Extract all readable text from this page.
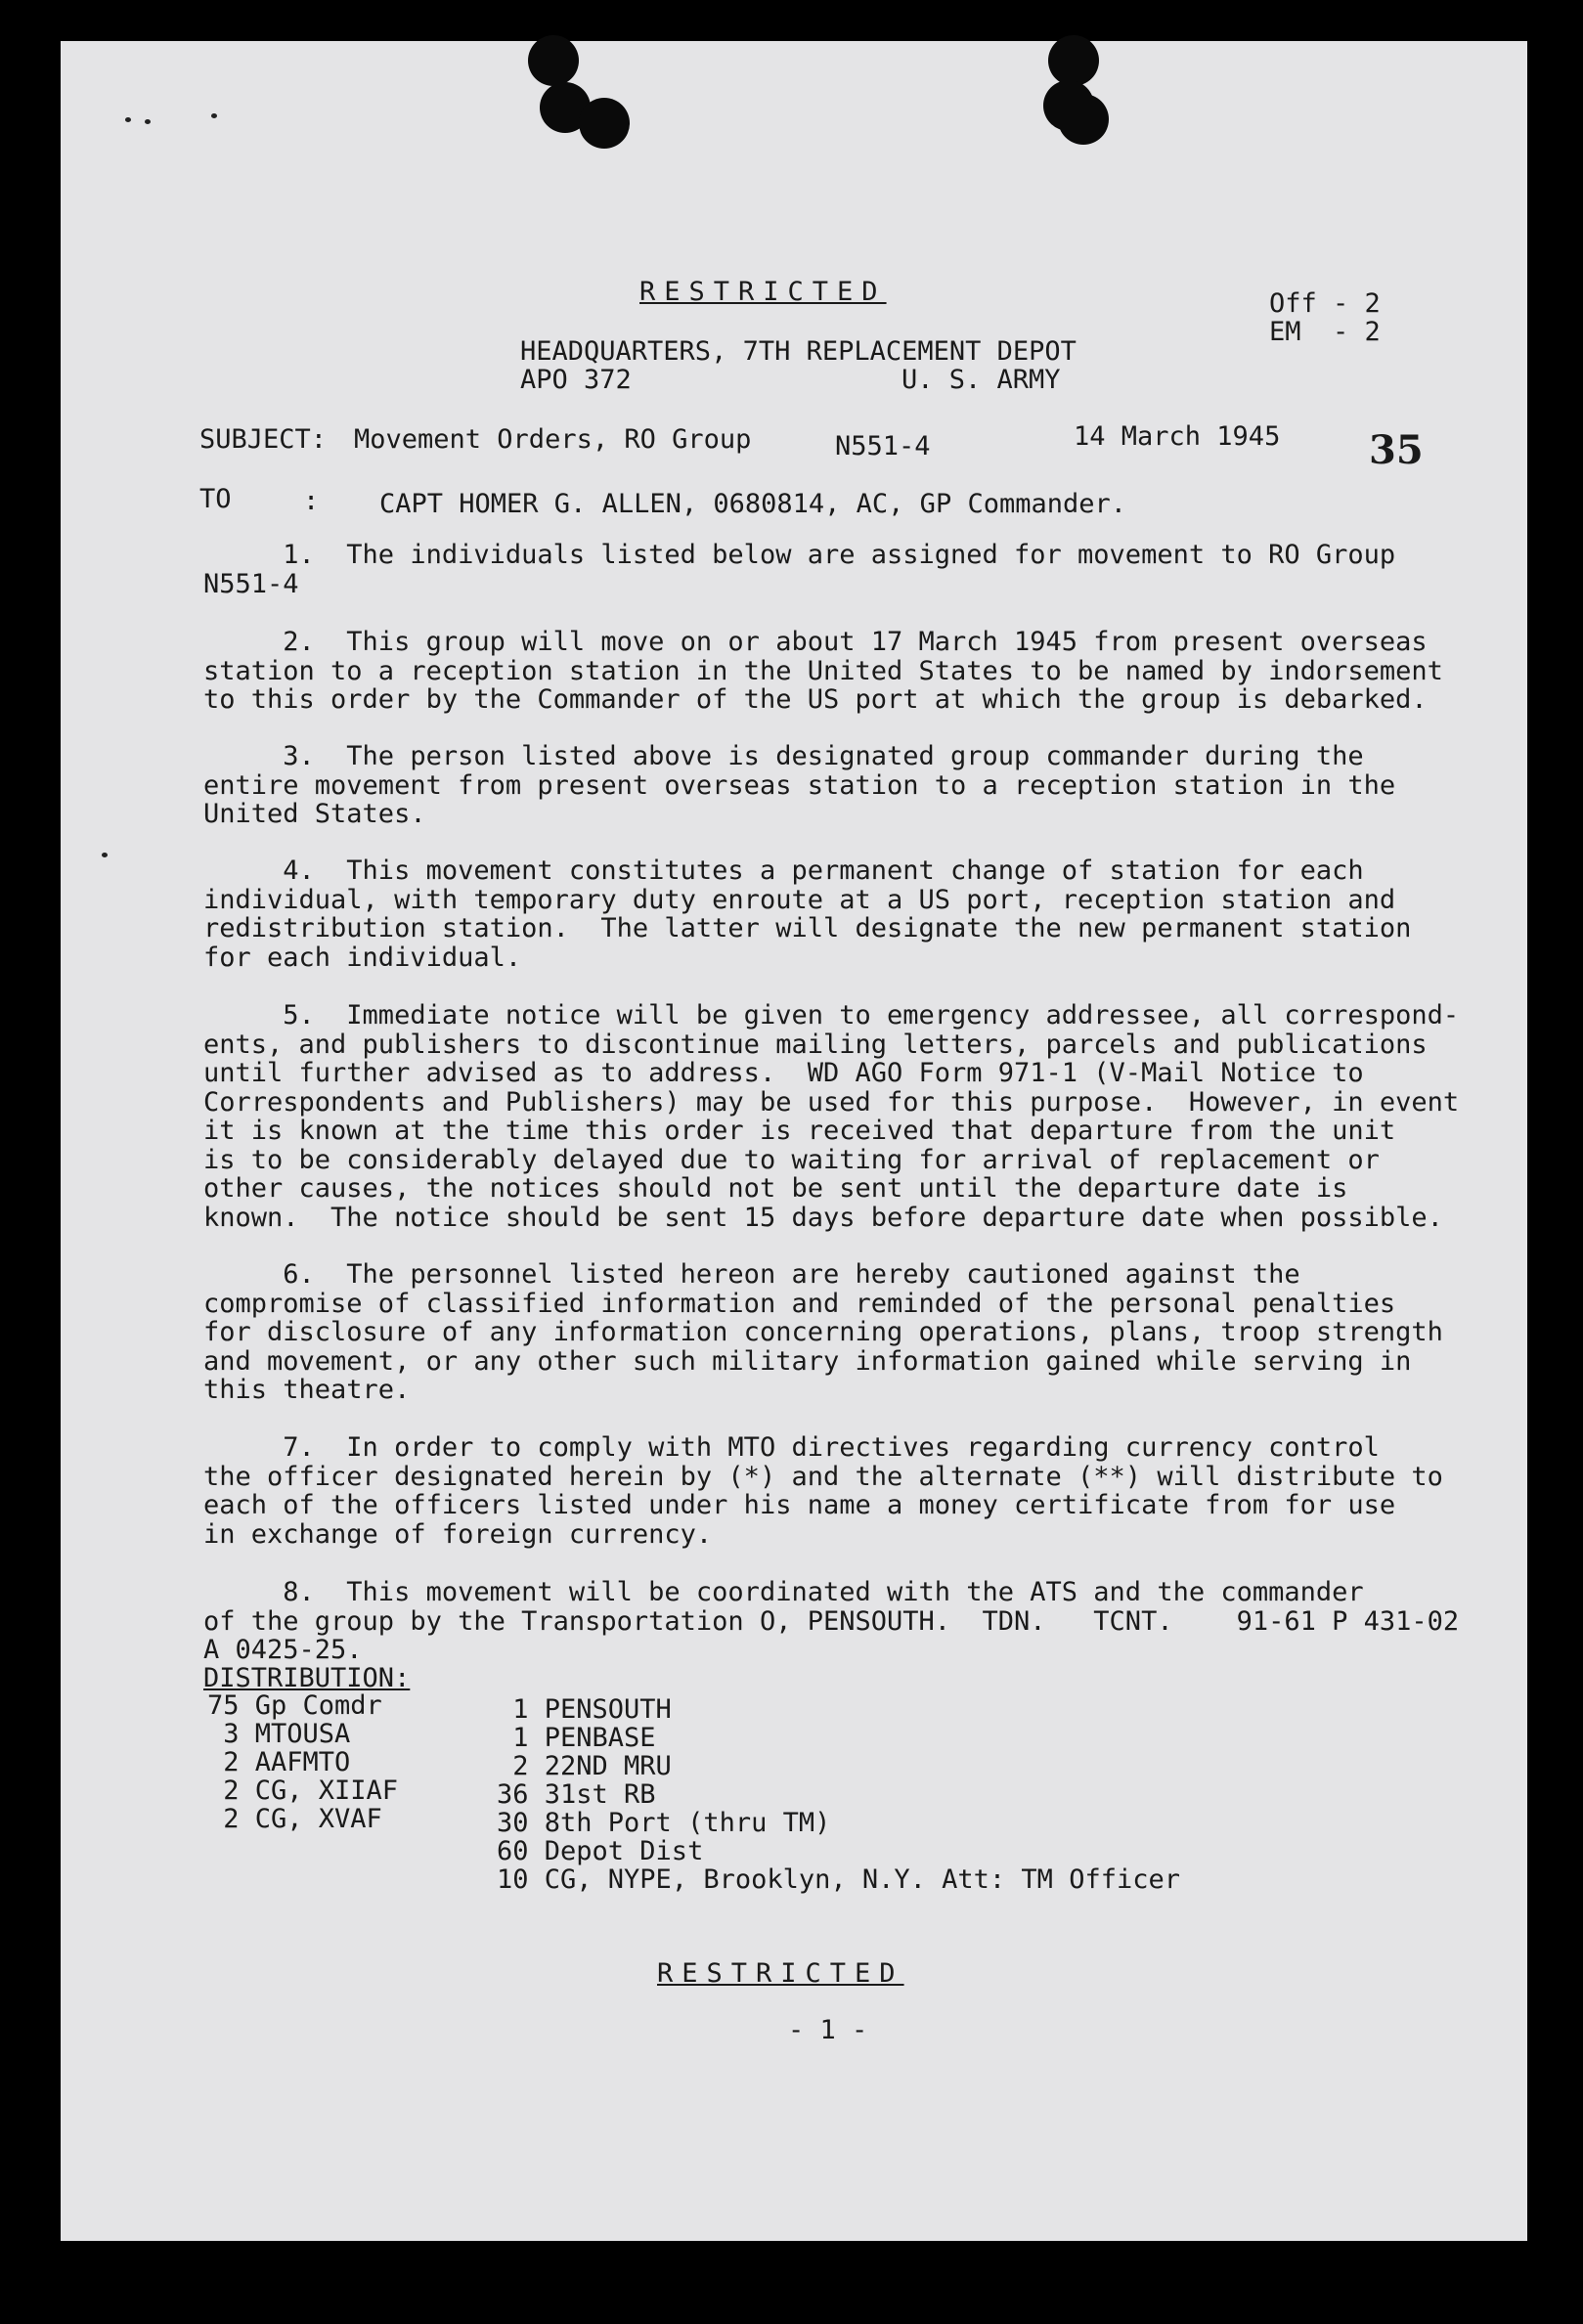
RESTRICTED	Off - 2
EM  - 2
HEADQUARTERS, 7TH REPLACEMENT DEPOT
APO 372	U. S. ARMY
SUBJECT: Movement Orders, RO Group	N551-4	14 March 1945 35
TO	: CAPT HOMER G. ALLEN, 0680814, AC, GP Commander.
1.  The individuals listed below are assigned for movement to RO Group
N551-4
2.  This group will move on or about 17 March 1945 from present overseas
station to a reception station in the United States to be named by indorsement
to this order by the Commander of the US port at which the group is debarked.
3.  The person listed above is designated group commander during the
entire movement from present overseas station to a reception station in the
United States.
4.  This movement constitutes a permanent change of station for each
individual, with temporary duty enroute at a US port, reception station and
redistribution station.  The latter will designate the new permanent station
for each individual.
5.  Immediate notice will be given to emergency addressee, all correspond-
ents, and publishers to discontinue mailing letters, parcels and publications
until further advised as to address.  WD AGO Form 971-1 (V-Mail Notice to
Correspondents and Publishers) may be used for this purpose.  However, in event
it is known at the time this order is received that departure from the unit
is to be considerably delayed due to waiting for arrival of replacement or
other causes, the notices should not be sent until the departure date is
known.  The notice should be sent 15 days before departure date when possible.
6.  The personnel listed hereon are hereby cautioned against the
compromise of classified information and reminded of the personal penalties
for disclosure of any information concerning operations, plans, troop strength
and movement, or any other such military information gained while serving in
this theatre.
7.  In order to comply with MTO directives regarding currency control
the officer designated herein by (*) and the alternate (**) will distribute to
each of the officers listed under his name a money certificate from for use
in exchange of foreign currency.
8.  This movement will be coordinated with the ATS and the commander
of the group by the Transportation O, PENSOUTH.  TDN.   TCNT.    91-61 P 431-02
A 0425-25.
DISTRIBUTION:
75 Gp Comdr
3 MTOUSA
2 AAFMTO
2 CG, XIIAF
2 CG, XVAF
1 PENSOUTH
1 PENBASE
2 22ND MRU
36 31st RB
30 8th Port (thru TM)
60 Depot Dist
10 CG, NYPE, Brooklyn, N.Y. Att: TM Officer
RESTRICTED
- 1 -
